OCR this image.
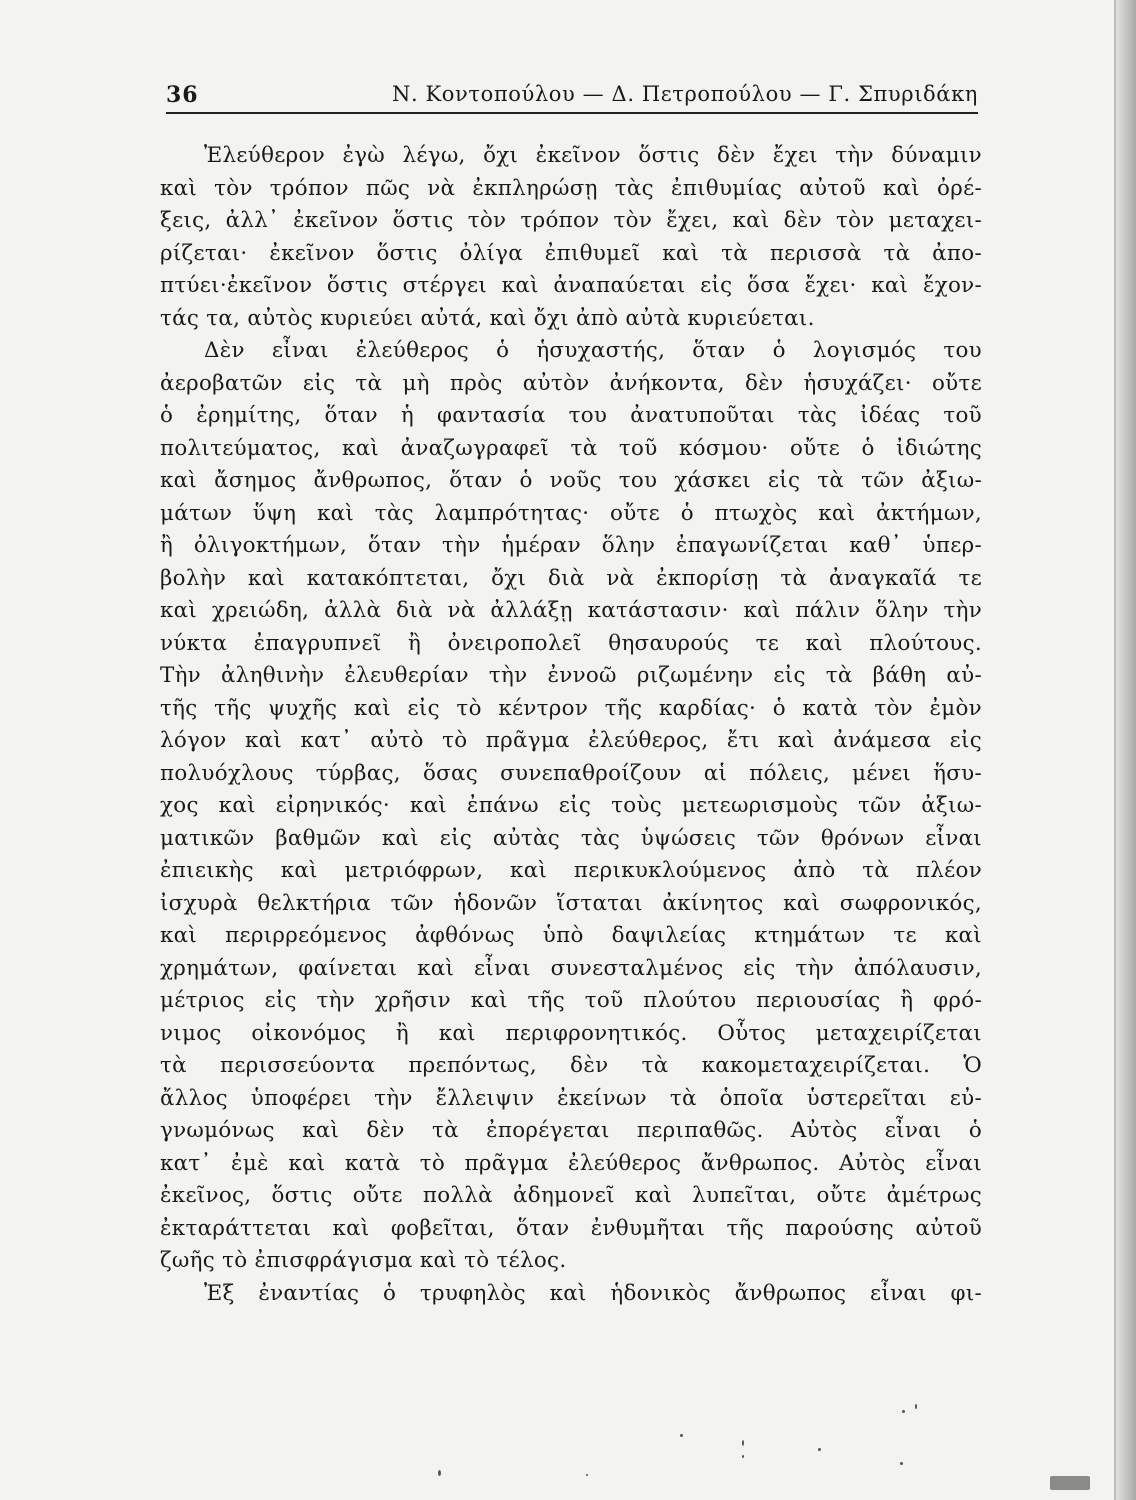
36	Ν. Κοντοπούλου — Δ. Πετροπούλου — Γ. Σπυριδάκη
Ἐλεύθερον ἐγὼ λέγω, ὄχι ἐκεῖνον ὅστις δὲν ἔχει τὴν δύναμιν
καὶ τὸν τρόπον πῶς νὰ ἐκπληρώσῃ τὰς ἐπιθυμίας αὐτοῦ καὶ ὀρέ-
ξεις, ἀλλ᾽ ἐκεῖνον ὅστις τὸν τρόπον τὸν ἔχει, καὶ δὲν τὸν μεταχει-
ρίζεται· ἐκεῖνον ὅστις ὀλίγα ἐπιθυμεῖ καὶ τὰ περισσὰ τὰ ἀπο-
πτύει·ἐκεῖνον ὅστις στέργει καὶ ἀναπαύεται εἰς ὅσα ἔχει· καὶ ἔχον-
τάς τα, αὐτὸς κυριεύει αὐτά, καὶ ὄχι ἀπὸ αὐτὰ κυριεύεται.
Δὲν εἶναι ἐλεύθερος ὁ ἡσυχαστής, ὅταν ὁ λογισμός του
ἀεροβατῶν εἰς τὰ μὴ πρὸς αὐτὸν ἀνήκοντα, δὲν ἡσυχάζει· οὔτε
ὁ ἐρημίτης, ὅταν ἡ φαντασία του ἀνατυποῦται τὰς ἰδέας τοῦ
πολιτεύματος, καὶ ἀναζωγραφεῖ τὰ τοῦ κόσμου· οὔτε ὁ ἰδιώτης
καὶ ἄσημος ἄνθρωπος, ὅταν ὁ νοῦς του χάσκει εἰς τὰ τῶν ἀξιω-
μάτων ὕψη καὶ τὰς λαμπρότητας· οὔτε ὁ πτωχὸς καὶ ἀκτήμων,
ἢ ὀλιγοκτήμων, ὅταν τὴν ἡμέραν ὅλην ἐπαγωνίζεται καθ᾽ ὑπερ-
βολὴν καὶ κατακόπτεται, ὄχι διὰ νὰ ἐκπορίσῃ τὰ ἀναγκαῖά τε
καὶ χρειώδη, ἀλλὰ διὰ νὰ ἀλλάξῃ κατάστασιν· καὶ πάλιν ὅλην τὴν
νύκτα ἐπαγρυπνεῖ ἢ ὀνειροπολεῖ θησαυρούς τε καὶ πλούτους.
Τὴν ἀληθινὴν ἐλευθερίαν τὴν ἐννοῶ ριζωμένην εἰς τὰ βάθη αὐ-
τῆς τῆς ψυχῆς καὶ εἰς τὸ κέντρον τῆς καρδίας· ὁ κατὰ τὸν ἐμὸν
λόγον καὶ κατ᾽ αὐτὸ τὸ πρᾶγμα ἐλεύθερος, ἔτι καὶ ἀνάμεσα εἰς
πολυόχλους τύρβας, ὅσας συνεπαθροίζουν αἱ πόλεις, μένει ἥσυ-
χος καὶ εἰρηνικός· καὶ ἐπάνω εἰς τοὺς μετεωρισμοὺς τῶν ἀξιω-
ματικῶν βαθμῶν καὶ εἰς αὐτὰς τὰς ὑψώσεις τῶν θρόνων εἶναι
ἐπιεικὴς καὶ μετριόφρων, καὶ περικυκλούμενος ἀπὸ τὰ πλέον
ἰσχυρὰ θελκτήρια τῶν ἡδονῶν ἵσταται ἀκίνητος καὶ σωφρονικός,
καὶ περιρρεόμενος ἀφθόνως ὑπὸ δαψιλείας κτημάτων τε καὶ
χρημάτων, φαίνεται καὶ εἶναι συνεσταλμένος εἰς τὴν ἀπόλαυσιν,
μέτριος εἰς τὴν χρῆσιν καὶ τῆς τοῦ πλούτου περιουσίας ἢ φρό-
νιμος οἰκονόμος ἢ καὶ περιφρονητικός. Οὗτος μεταχειρίζεται
τὰ περισσεύοντα πρεπόντως, δὲν τὰ κακομεταχειρίζεται. Ὁ
ἄλλος ὑποφέρει τὴν ἔλλειψιν ἐκείνων τὰ ὁποῖα ὑστερεῖται εὐ-
γνωμόνως καὶ δὲν τὰ ἐπορέγεται περιπαθῶς. Αὐτὸς εἶναι ὁ
κατ᾽ ἐμὲ καὶ κατὰ τὸ πρᾶγμα ἐλεύθερος ἄνθρωπος. Αὐτὸς εἶναι
ἐκεῖνος, ὅστις οὔτε πολλὰ ἀδημονεῖ καὶ λυπεῖται, οὔτε ἀμέτρως
ἐκταράττεται καὶ φοβεῖται, ὅταν ἐνθυμῆται τῆς παρούσης αὐτοῦ
ζωῆς τὸ ἐπισφράγισμα καὶ τὸ τέλος.
Ἐξ ἐναντίας ὁ τρυφηλὸς καὶ ἡδονικὸς ἄνθρωπος εἶναι φι-
